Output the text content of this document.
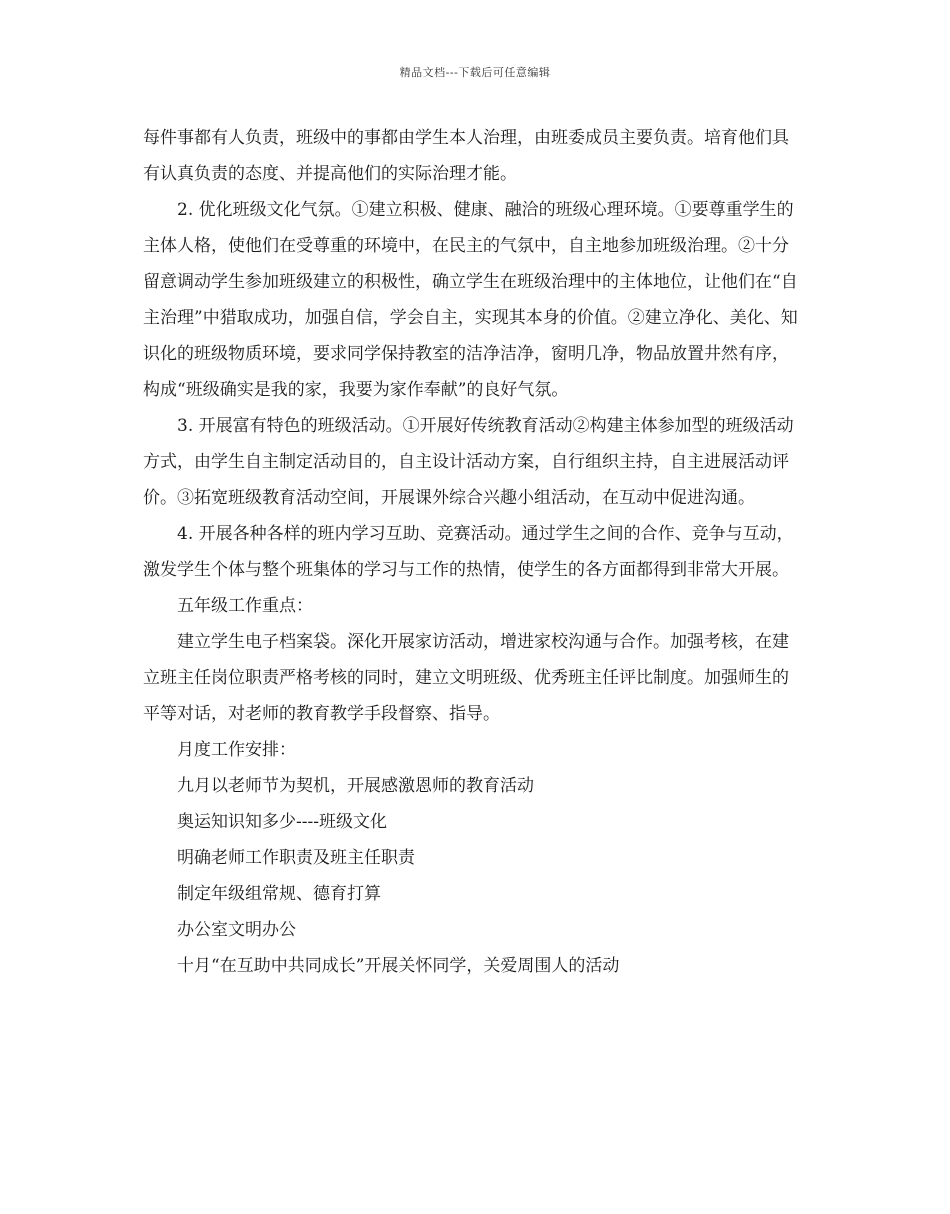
精品文档---下载后可任意编辑

每件事都有人负责，班级中的事都由学生本人治理，由班委成员主要负责。培育他们具有认真负责的态度、并提高他们的实际治理才能。

2. 优化班级文化气氛。①建立积极、健康、融洽的班级心理环境。①要尊重学生的主体人格，使他们在受尊重的环境中，在民主的气氛中，自主地参加班级治理。②十分留意调动学生参加班级建立的积极性，确立学生在班级治理中的主体地位，让他们在“自主治理”中猎取成功，加强自信，学会自主，实现其本身的价值。②建立净化、美化、知识化的班级物质环境，要求同学保持教室的洁净洁净，窗明几净，物品放置井然有序，构成“班级确实是我的家，我要为家作奉献”的良好气氛。

3. 开展富有特色的班级活动。①开展好传统教育活动②构建主体参加型的班级活动方式，由学生自主制定活动目的，自主设计活动方案，自行组织主持，自主进展活动评价。③拓宽班级教育活动空间，开展课外综合兴趣小组活动，在互动中促进沟通。

4. 开展各种各样的班内学习互助、竞赛活动。通过学生之间的合作、竞争与互动，激发学生个体与整个班集体的学习与工作的热情，使学生的各方面都得到非常大开展。

五年级工作重点：

建立学生电子档案袋。深化开展家访活动，增进家校沟通与合作。加强考核，在建立班主任岗位职责严格考核的同时，建立文明班级、优秀班主任评比制度。加强师生的平等对话，对老师的教育教学手段督察、指导。

月度工作安排：

九月以老师节为契机，开展感激恩师的教育活动

奥运知识知多少----班级文化

明确老师工作职责及班主任职责

制定年级组常规、德育打算

办公室文明办公

十月“在互助中共同成长”开展关怀同学，关爱周围人的活动
